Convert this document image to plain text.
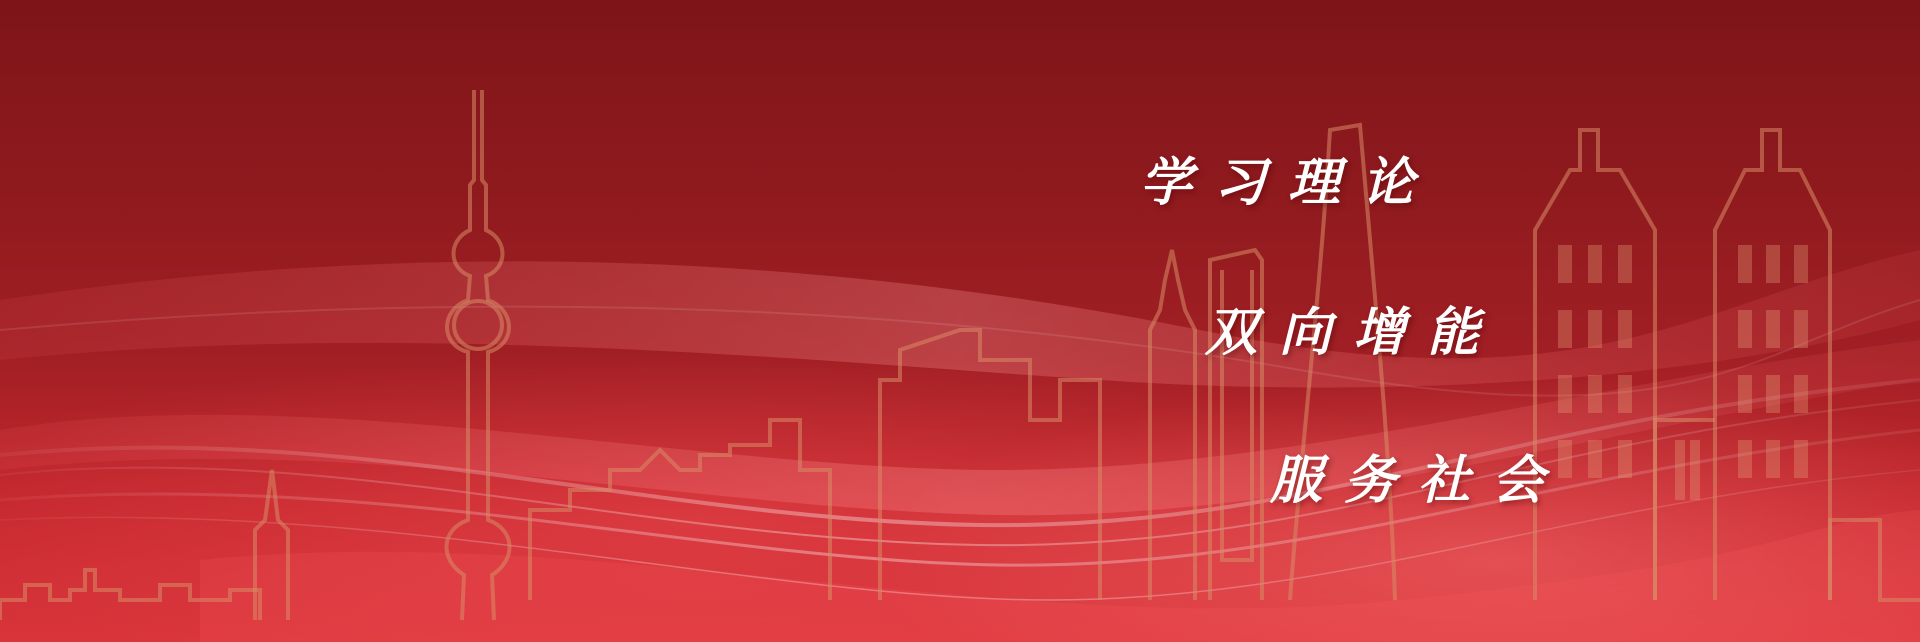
学习理论
双向增能
服务社会
